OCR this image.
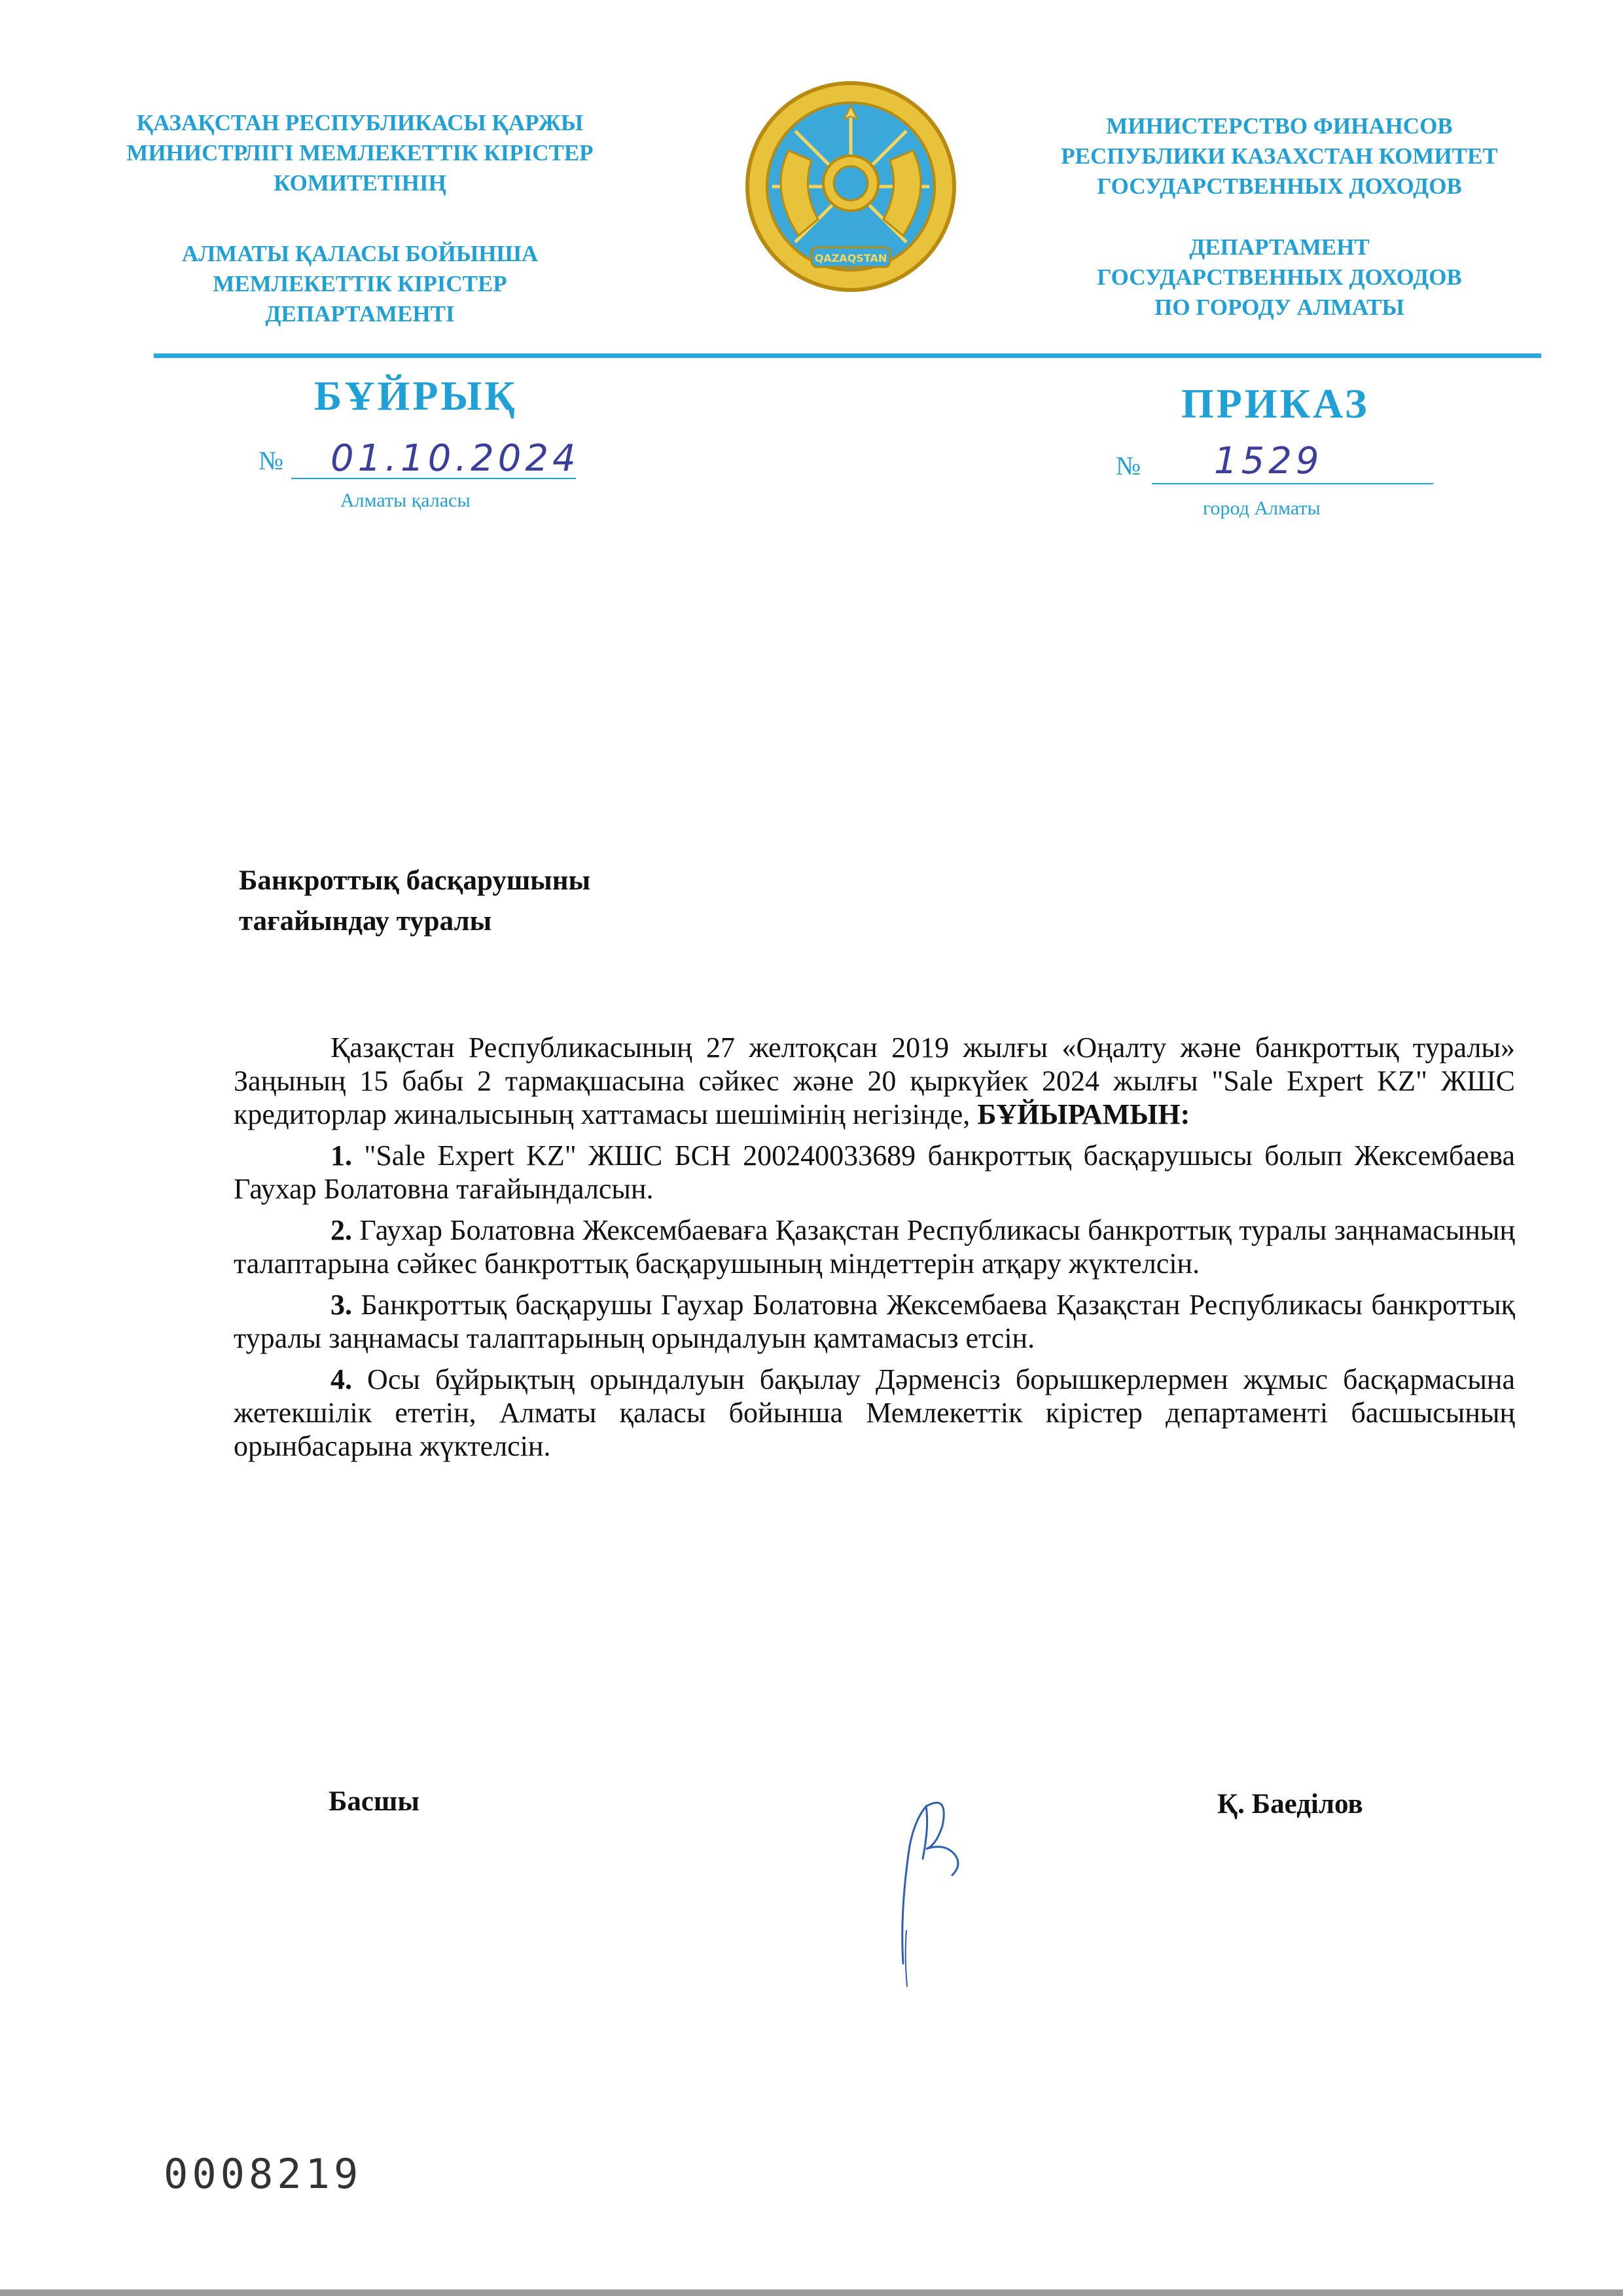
ҚАЗАҚСТАН РЕСПУБЛИКАСЫ ҚАРЖЫ
МИНИСТРЛІГІ МЕМЛЕКЕТТІК КІРІСТЕР
КОМИТЕТІНІҢ
АЛМАТЫ ҚАЛАСЫ БОЙЫНША
МЕМЛЕКЕТТІК КІРІСТЕР ДЕПАРТАМЕНТІ
QAZAQSTAN
МИНИСТЕРСТВО ФИНАНСОВ
РЕСПУБЛИКИ КАЗАХСТАН КОМИТЕТ
ГОСУДАРСТВЕННЫХ ДОХОДОВ
ДЕПАРТАМЕНТ
ГОСУДАРСТВЕННЫХ ДОХОДОВ
ПО ГОРОДУ АЛМАТЫ
БҰЙРЫҚ	ПРИКАЗ
№ 01.10.2024	№ 1529
Алматы қаласы	город Алматы
Банкроттық басқарушыны
тағайындау туралы

Қазақстан Республикасының 27 желтоқсан 2019 жылғы «Оңалту және банкроттық туралы» Заңының 15 бабы 2 тармақшасына сәйкес және 20 қыркүйек 2024 жылғы "Sale Expert KZ" ЖШС кредиторлар жиналысының хаттамасы шешімінің негізінде, БҰЙЫРАМЫН:

1. "Sale Expert KZ" ЖШС БСН 200240033689 банкроттық басқарушысы болып Жексембаева Гаухар Болатовна тағайындалсын.

2. Гаухар Болатовна Жексембаеваға Қазақстан Республикасы банкроттық туралы заңнамасының талаптарына сәйкес банкроттық басқарушының міндеттерін атқару жүктелсін.

3. Банкроттық басқарушы Гаухар Болатовна Жексембаева Қазақстан Республикасы банкроттық туралы заңнамасы талаптарының орындалуын қамтамасыз етсін.

4. Осы бұйрықтың орындалуын бақылау Дәрменсіз борышкерлермен жұмыс басқармасына жетекшілік ететін, Алматы қаласы бойынша Мемлекеттік кірістер департаменті басшысының орынбасарына жүктелсін.

Басшы	Қ. Баеділов
0008219
